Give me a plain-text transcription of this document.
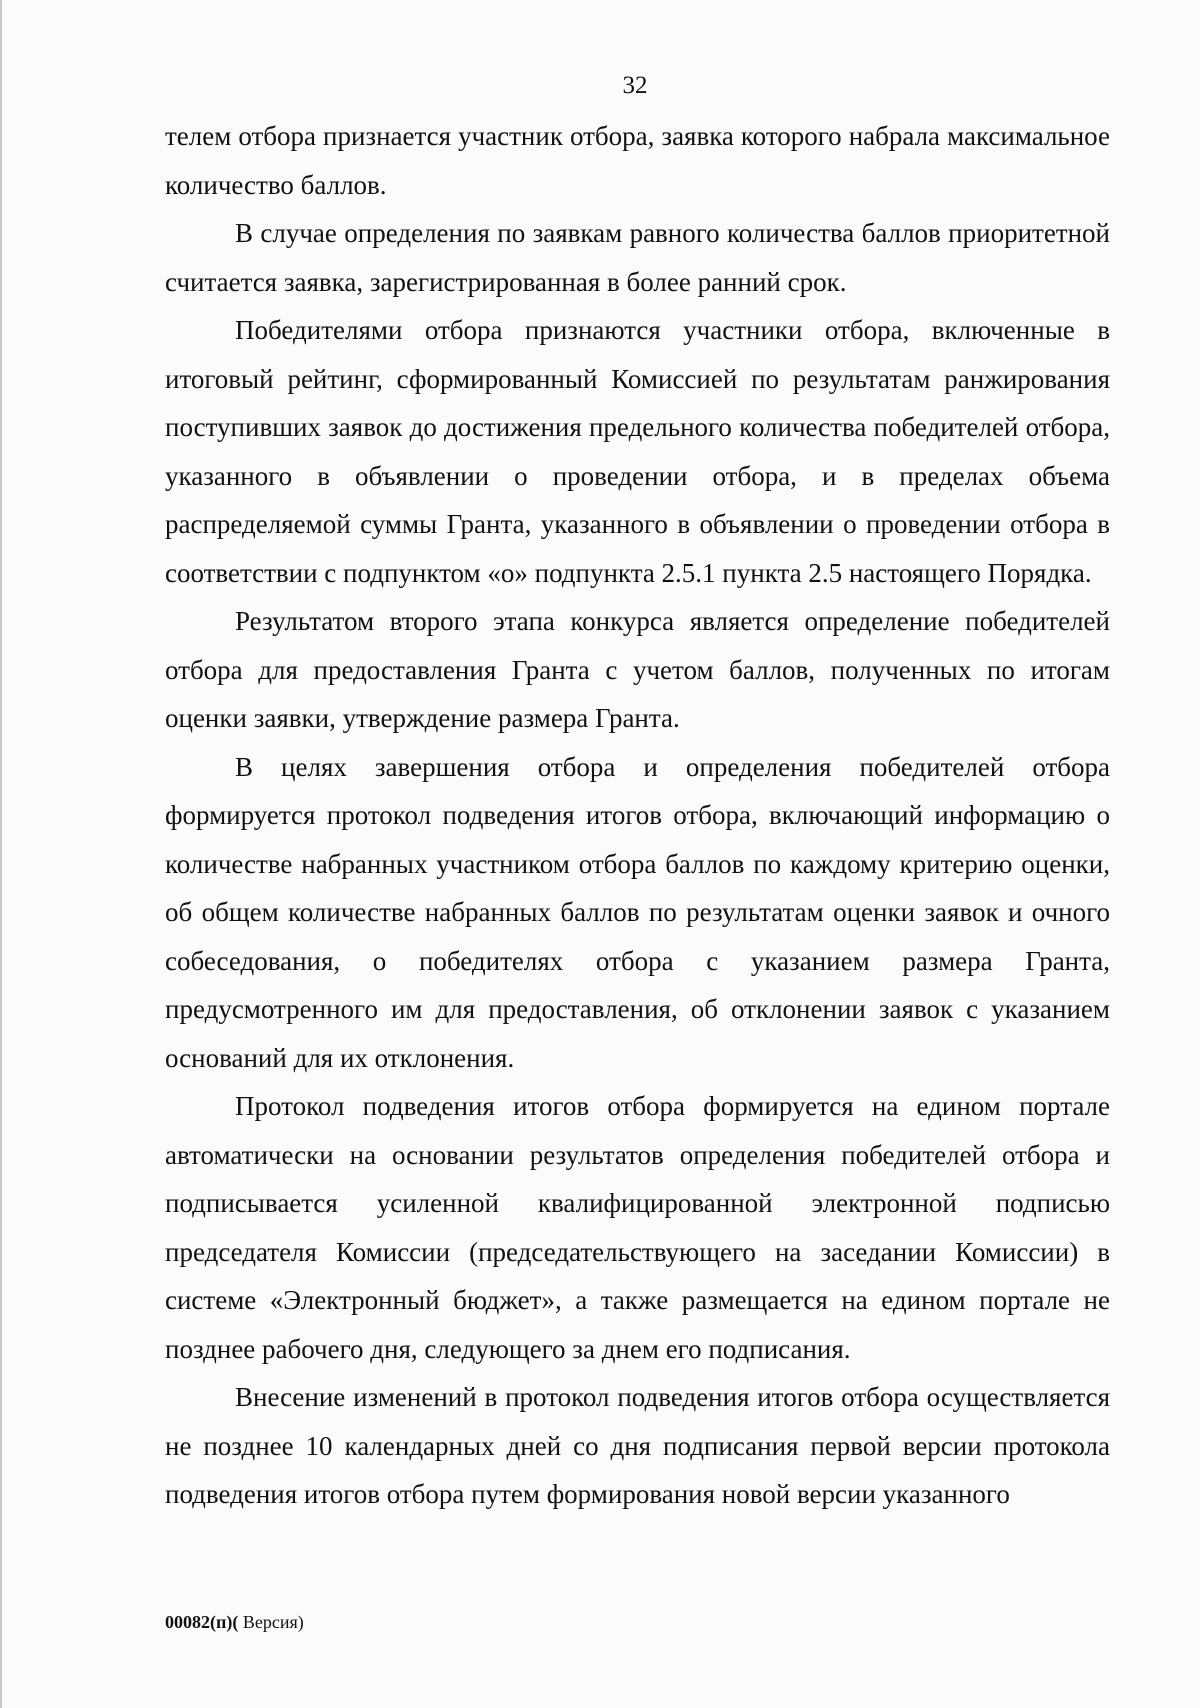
32

телем отбора признается участник отбора, заявка которого набрала максимальное количество баллов.

В случае определения по заявкам равного количества баллов приоритетной считается заявка, зарегистрированная в более ранний срок.

Победителями отбора признаются участники отбора, включенные в итоговый рейтинг, сформированный Комиссией по результатам ранжирования поступивших заявок до достижения предельного количества победителей отбора, указанного в объявлении о проведении отбора, и в пределах объема распределяемой суммы Гранта, указанного в объявлении о проведении отбора в соответствии с подпунктом «о» подпункта 2.5.1 пункта 2.5 настоящего Порядка.

Результатом второго этапа конкурса является определение победителей отбора для предоставления Гранта с учетом баллов, полученных по итогам оценки заявки, утверждение размера Гранта.

В целях завершения отбора и определения победителей отбора формируется протокол подведения итогов отбора, включающий информацию о количестве набранных участником отбора баллов по каждому критерию оценки, об общем количестве набранных баллов по результатам оценки заявок и очного собеседования, о победителях отбора с указанием размера Гранта, предусмотренного им для предоставления, об отклонении заявок с указанием оснований для их отклонения.

Протокол подведения итогов отбора формируется на едином портале автоматически на основании результатов определения победителей отбора и подписывается усиленной квалифицированной электронной подписью председателя Комиссии (председательствующего на заседании Комиссии) в системе «Электронный бюджет», а также размещается на едином портале не позднее рабочего дня, следующего за днем его подписания.

Внесение изменений в протокол подведения итогов отбора осуществляется не позднее 10 календарных дней со дня подписания первой версии протокола подведения итогов отбора путем формирования новой версии указанного

00082(п)( Версия)
